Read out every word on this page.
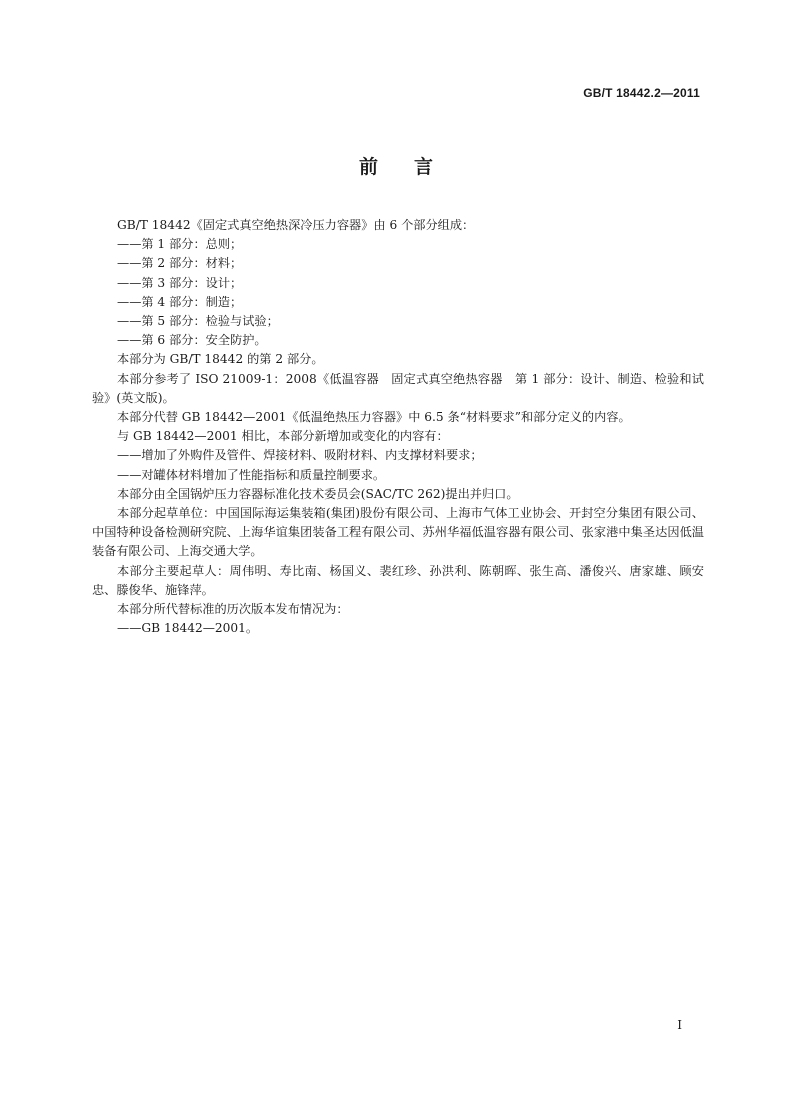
GB/T 18442.2—2011
前言

GB/T 18442《固定式真空绝热深冷压力容器》由 6 个部分组成：

——第 1 部分：总则；

——第 2 部分：材料；

——第 3 部分：设计；

——第 4 部分：制造；

——第 5 部分：检验与试验；

——第 6 部分：安全防护。

本部分为 GB/T 18442 的第 2 部分。

本部分参考了 ISO 21009-1：2008《低温容器　固定式真空绝热容器　第 1 部分：设计、制造、检验和试验》(英文版)。

本部分代替 GB 18442—2001《低温绝热压力容器》中 6.5 条“材料要求”和部分定义的内容。

与 GB 18442—2001 相比，本部分新增加或变化的内容有：

——增加了外购件及管件、焊接材料、吸附材料、内支撑材料要求；

——对罐体材料增加了性能指标和质量控制要求。

本部分由全国锅炉压力容器标准化技术委员会(SAC/TC 262)提出并归口。

本部分起草单位：中国国际海运集装箱(集团)股份有限公司、上海市气体工业协会、开封空分集团有限公司、中国特种设备检测研究院、上海华谊集团装备工程有限公司、苏州华福低温容器有限公司、张家港中集圣达因低温装备有限公司、上海交通大学。

本部分主要起草人：周伟明、寿比南、杨国义、裴红珍、孙洪利、陈朝晖、张生高、潘俊兴、唐家雄、顾安忠、滕俊华、施锋萍。

本部分所代替标准的历次版本发布情况为：

——GB 18442—2001。

I
